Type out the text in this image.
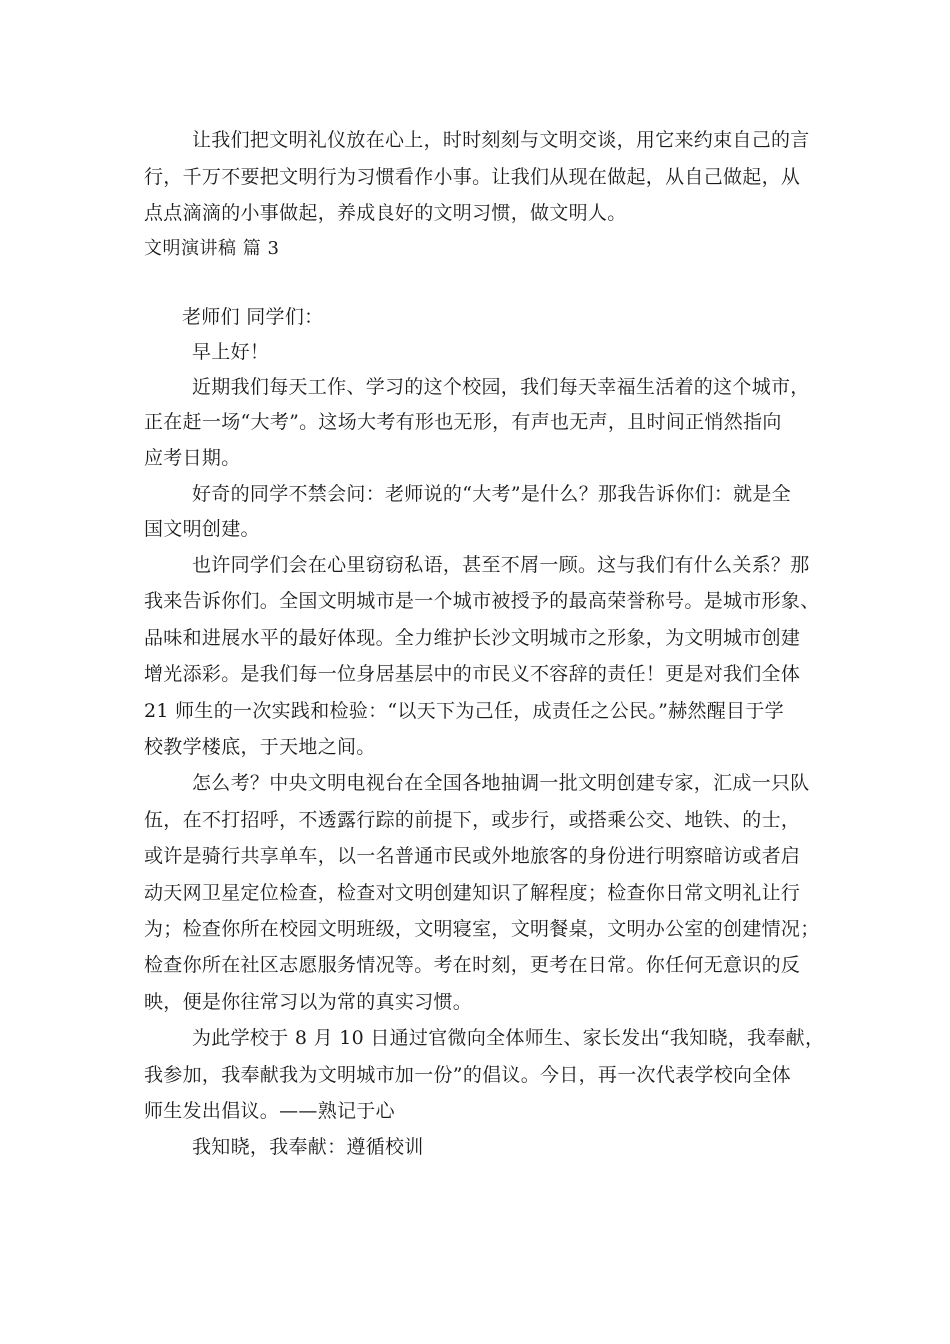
让我们把文明礼仪放在心上，时时刻刻与文明交谈，用它来约束自己的言
行，千万不要把文明行为习惯看作小事。让我们从现在做起，从自己做起，从
点点滴滴的小事做起，养成良好的文明习惯，做文明人。
文明演讲稿 篇 3
老师们 同学们：
早上好！
近期我们每天工作、学习的这个校园，我们每天幸福生活着的这个城市，
正在赶一场“大考”。这场大考有形也无形，有声也无声，且时间正悄然指向
应考日期。
好奇的同学不禁会问：老师说的“大考”是什么？那我告诉你们：就是全
国文明创建。
也许同学们会在心里窃窃私语，甚至不屑一顾。这与我们有什么关系？那
我来告诉你们。全国文明城市是一个城市被授予的最高荣誉称号。是城市形象、
品味和进展水平的最好体现。全力维护长沙文明城市之形象，为文明城市创建
增光添彩。是我们每一位身居基层中的市民义不容辞的责任！更是对我们全体
21 师生的一次实践和检验：“以天下为己任，成责任之公民。”赫然醒目于学
校教学楼底，于天地之间。
怎么考？中央文明电视台在全国各地抽调一批文明创建专家，汇成一只队
伍，在不打招呼，不透露行踪的前提下，或步行，或搭乘公交、地铁、的士，
或许是骑行共享单车，以一名普通市民或外地旅客的身份进行明察暗访或者启
动天网卫星定位检查，检查对文明创建知识了解程度；检查你日常文明礼让行
为；检查你所在校园文明班级，文明寝室，文明餐桌，文明办公室的创建情况；
检查你所在社区志愿服务情况等。考在时刻，更考在日常。你任何无意识的反
映，便是你往常习以为常的真实习惯。
为此学校于 8 月 10 日通过官微向全体师生、家长发出“我知晓，我奉献，
我参加，我奉献我为文明城市加一份”的倡议。今日，再一次代表学校向全体
师生发出倡议。——熟记于心
我知晓，我奉献：遵循校训
